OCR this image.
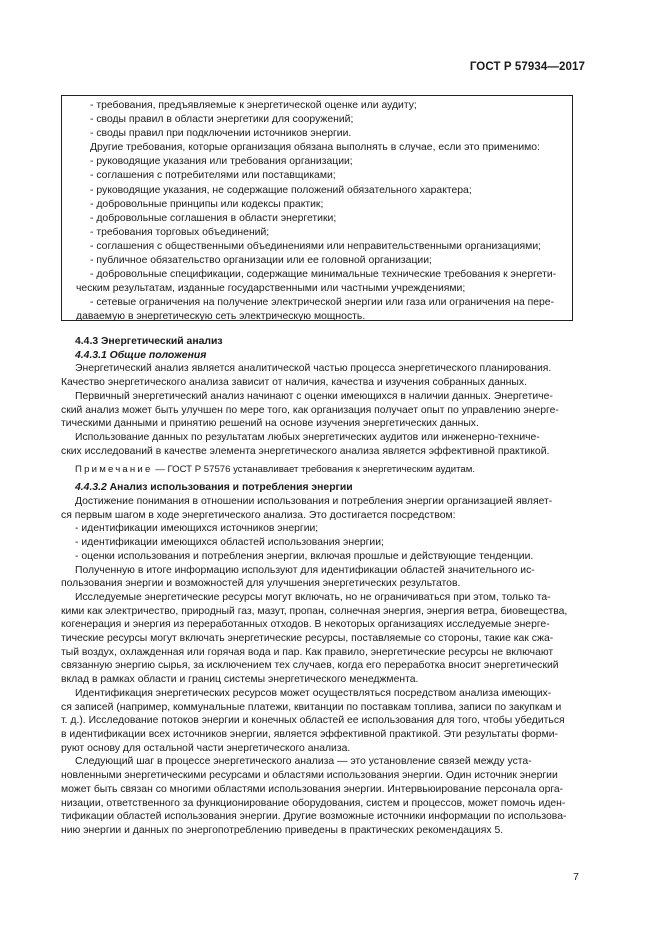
ГОСТ Р 57934—2017
- требования, предъявляемые к энергетической оценке или аудиту;
- своды правил в области энергетики для сооружений;
- своды правил при подключении источников энергии.
Другие требования, которые организация обязана выполнять в случае, если это применимо:
- руководящие указания или требования организации;
- соглашения с потребителями или поставщиками;
- руководящие указания, не содержащие положений обязательного характера;
- добровольные принципы или кодексы практик;
- добровольные соглашения в области энергетики;
- требования торговых объединений;
- соглашения с общественными объединениями или неправительственными организациями;
- публичное обязательство организации или ее головной организации;
- добровольные спецификации, содержащие минимальные технические требования к энергети-
ческим результатам, изданные государственными или частными учреждениями;
- сетевые ограничения на получение электрической энергии или газа или ограничения на пере-
даваемую в энергетическую сеть электрическую мощность.

4.4.3 Энергетический анализ

4.4.3.1 Общие положения

Энергетический анализ является аналитической частью процесса энергетического планирования.
Качество энергетического анализа зависит от наличия, качества и изучения собранных данных.
Первичный энергетический анализ начинают с оценки имеющихся в наличии данных. Энергетиче-
ский анализ может быть улучшен по мере того, как организация получает опыт по управлению энерге-
тическими данными и принятию решений на основе изучения энергетических данных.
Использование данных по результатам любых энергетических аудитов или инженерно-техниче-
ских исследований в качестве элемента энергетического анализа является эффективной практикой.

Примечание — ГОСТ Р 57576 устанавливает требования к энергетическим аудитам.

4.4.3.2 Анализ использования и потребления энергии

Достижение понимания в отношении использования и потребления энергии организацией являет-
ся первым шагом в ходе энергетического анализа. Это достигается посредством:
- идентификации имеющихся источников энергии;
- идентификации имеющихся областей использования энергии;
- оценки использования и потребления энергии, включая прошлые и действующие тенденции.
Полученную в итоге информацию используют для идентификации областей значительного ис-
пользования энергии и возможностей для улучшения энергетических результатов.
Исследуемые энергетические ресурсы могут включать, но не ограничиваться при этом, только та-
кими как электричество, природный газ, мазут, пропан, солнечная энергия, энергия ветра, биовещества,
когенерация и энергия из переработанных отходов. В некоторых организациях исследуемые энерге-
тические ресурсы могут включать энергетические ресурсы, поставляемые со стороны, такие как сжа-
тый воздух, охлажденная или горячая вода и пар. Как правило, энергетические ресурсы не включают
связанную энергию сырья, за исключением тех случаев, когда его переработка вносит энергетический
вклад в рамках области и границ системы энергетического менеджмента.
Идентификация энергетических ресурсов может осуществляться посредством анализа имеющих-
ся записей (например, коммунальные платежи, квитанции по поставкам топлива, записи по закупкам и
т. д.). Исследование потоков энергии и конечных областей ее использования для того, чтобы убедиться
в идентификации всех источников энергии, является эффективной практикой. Эти результаты форми-
руют основу для остальной части энергетического анализа.
Следующий шаг в процессе энергетического анализа — это установление связей между уста-
новленными энергетическими ресурсами и областями использования энергии. Один источник энергии
может быть связан со многими областями использования энергии. Интервьюирование персонала орга-
низации, ответственного за функционирование оборудования, систем и процессов, может помочь иден-
тификации областей использования энергии. Другие возможные источники информации по использова-
нию энергии и данных по энергопотреблению приведены в практических рекомендациях 5.
7
